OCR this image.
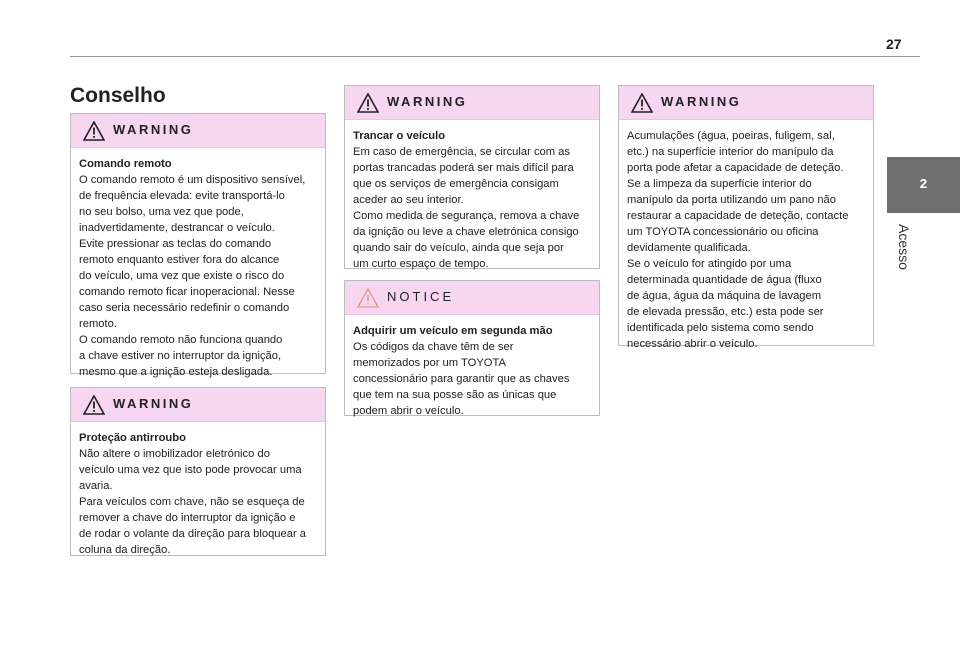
27
2
Acesso
Conselho
WARNING
Comando remoto
O comando remoto é um dispositivo sensível,
de frequência elevada: evite transportá-lo
no seu bolso, uma vez que pode,
inadvertidamente, destrancar o veículo.
Evite pressionar as teclas do comando
remoto enquanto estiver fora do alcance
do veículo, uma vez que existe o risco do
comando remoto ficar inoperacional. Nesse
caso seria necessário redefinir o comando
remoto.
O comando remoto não funciona quando
a chave estiver no interruptor da ignição,
mesmo que a ignição esteja desligada.
WARNING
Proteção antirroubo
Não altere o imobilizador eletrónico do
veículo uma vez que isto pode provocar uma
avaria.
Para veículos com chave, não se esqueça de
remover a chave do interruptor da ignição e
de rodar o volante da direção para bloquear a
coluna da direção.
WARNING
Trancar o veículo
Em caso de emergência, se circular com as
portas trancadas poderá ser mais difícil para
que os serviços de emergência consigam
aceder ao seu interior.
Como medida de segurança, remova a chave
da ignição ou leve a chave eletrónica consigo
quando sair do veículo, ainda que seja por
um curto espaço de tempo.
NOTICE
Adquirir um veículo em segunda mão
Os códigos da chave têm de ser
memorizados por um TOYOTA
concessionário para garantir que as chaves
que tem na sua posse são as únicas que
podem abrir o veículo.
WARNING
Acumulações (água, poeiras, fuligem, sal,
etc.) na superfície interior do manípulo da
porta pode afetar a capacidade de deteção.
Se a limpeza da superfície interior do
manípulo da porta utilizando um pano não
restaurar a capacidade de deteção, contacte
um TOYOTA concessionário ou oficina
devidamente qualificada.
Se o veículo for atingido por uma
determinada quantidade de água (fluxo
de água, água da máquina de lavagem
de elevada pressão, etc.) esta pode ser
identificada pelo sistema como sendo
necessário abrir o veículo.
